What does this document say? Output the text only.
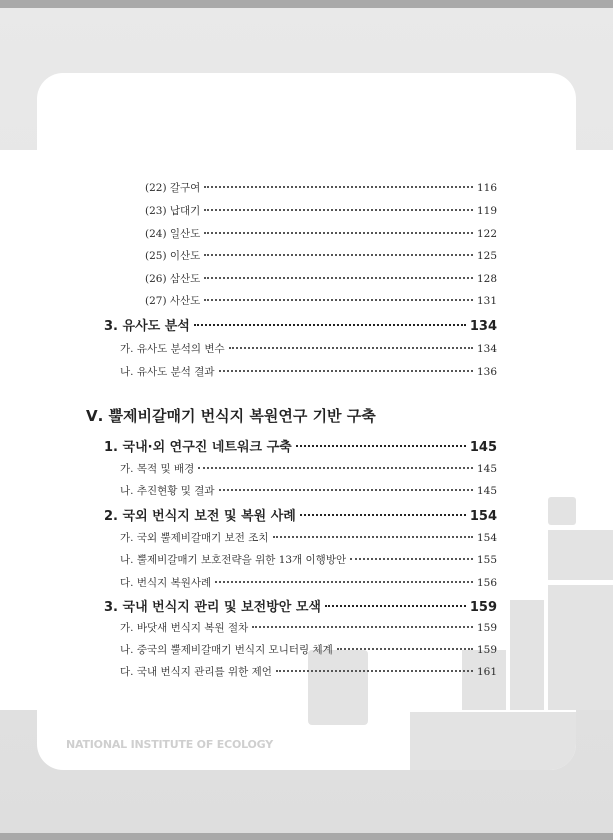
(22) 갈구여	116
(23) 납대기	119
(24) 일산도	122
(25) 이산도	125
(26) 삼산도	128
(27) 사산도	131
3. 유사도 분석	134
가. 유사도 분석의 변수	134
나. 유사도 분석 결과	136
Ⅴ. 뿔제비갈매기 번식지 복원연구 기반 구축
1. 국내·외 연구진 네트워크 구축	145
가. 목적 및 배경	145
나. 추진현황 및 결과	145
2. 국외 번식지 보전 및 복원 사례	154
가. 국외 뿔제비갈매기 보전 조치	154
나. 뿔제비갈매기 보호전략을 위한 13개 이행방안	155
다. 번식지 복원사례	156
3. 국내 번식지 관리 및 보전방안 모색	159
가. 바닷새 번식지 복원 절차	159
나. 중국의 뿔제비갈매기 번식지 모니터링 체계	159
다. 국내 번식지 관리를 위한 제언	161
NATIONAL INSTITUTE OF ECOLOGY
